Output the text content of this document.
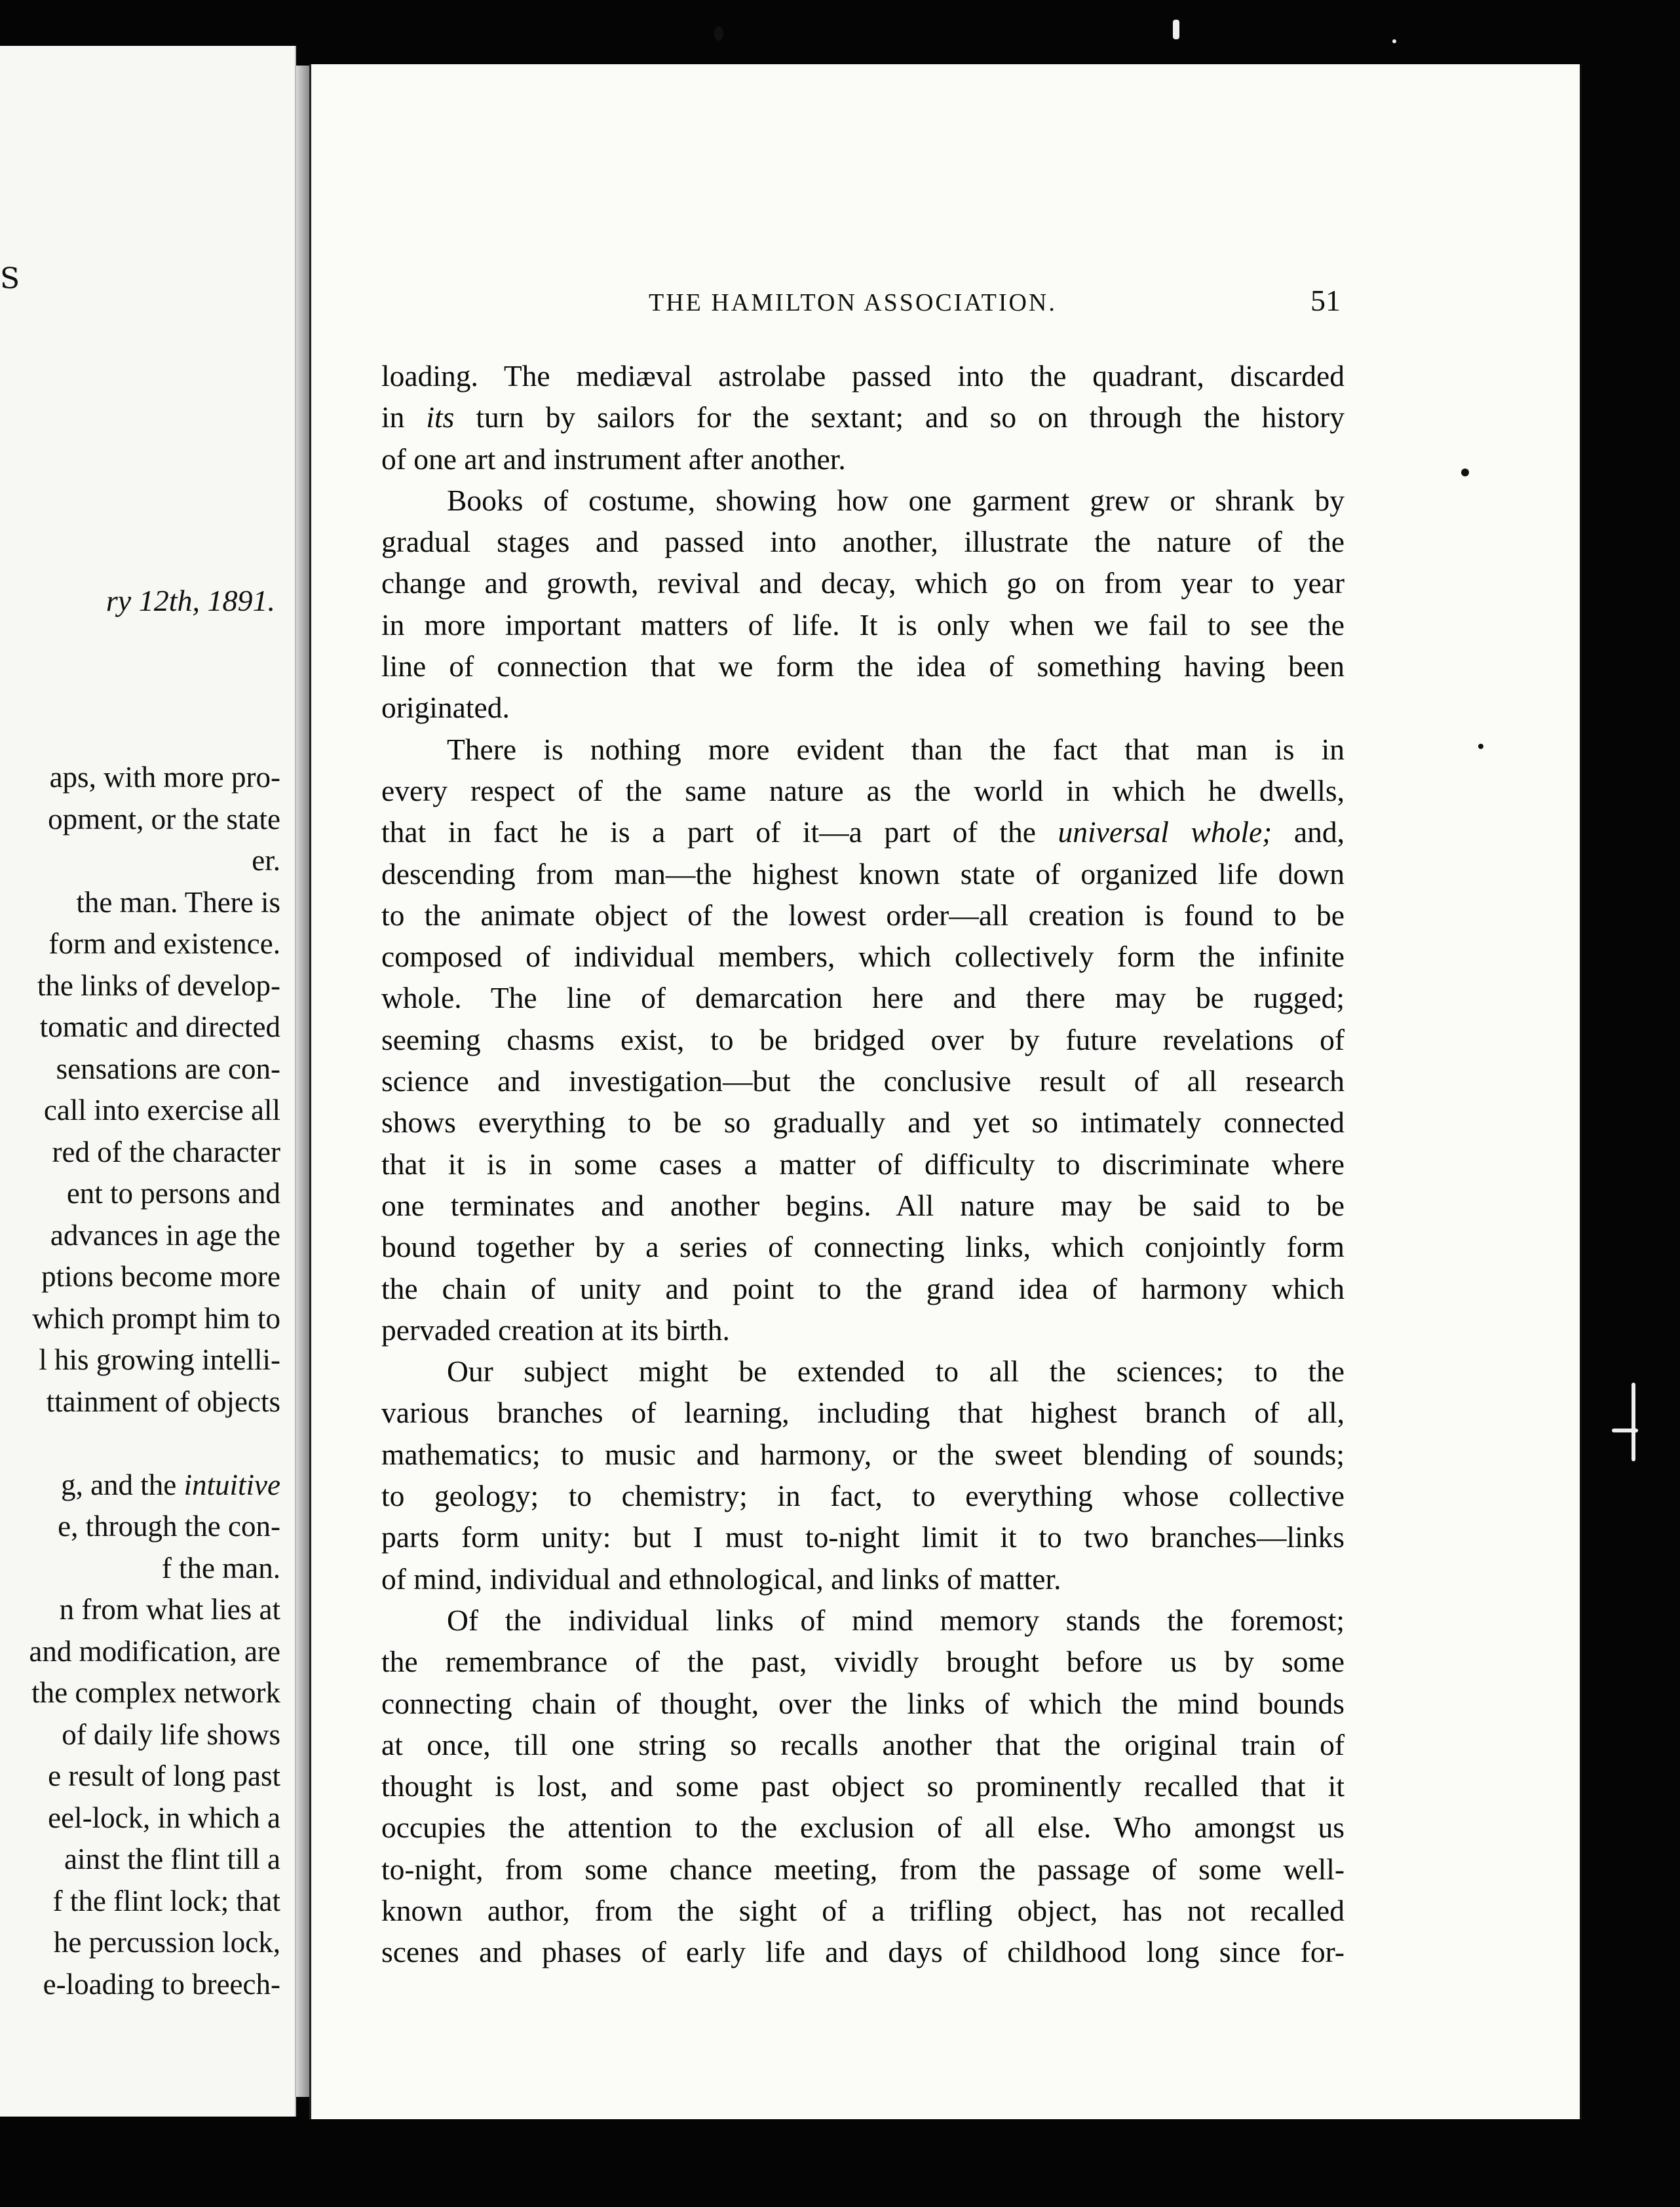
S
ry 12th, 1891.
aps, with more pro-
opment, or the state
er.
the man. There is
form and existence.
the links of develop-
tomatic and directed
sensations are con-
call into exercise all
red of the character
ent to persons and
advances in age the
ptions become more
which prompt him to
l his growing intelli-
ttainment of objects
g, and the intuitive
e, through the con-
f the man.
n from what lies at
and modification, are
the complex network
of daily life shows
e result of long past
eel-lock, in which a
ainst the flint till a
f the flint lock; that
he percussion lock,
e-loading to breech-
THE HAMILTON ASSOCIATION.	51
loading. The mediæval astrolabe passed into the quadrant, discarded
in its turn by sailors for the sextant; and so on through the history
of one art and instrument after another.
Books of costume, showing how one garment grew or shrank by
gradual stages and passed into another, illustrate the nature of the
change and growth, revival and decay, which go on from year to year
in more important matters of life. It is only when we fail to see the
line of connection that we form the idea of something having been
originated.
There is nothing more evident than the fact that man is in
every respect of the same nature as the world in which he dwells,
that in fact he is a part of it—a part of the universal whole; and,
descending from man—the highest known state of organized life down
to the animate object of the lowest order—all creation is found to be
composed of individual members, which collectively form the infinite
whole. The line of demarcation here and there may be rugged;
seeming chasms exist, to be bridged over by future revelations of
science and investigation—but the conclusive result of all research
shows everything to be so gradually and yet so intimately connected
that it is in some cases a matter of difficulty to discriminate where
one terminates and another begins. All nature may be said to be
bound together by a series of connecting links, which conjointly form
the chain of unity and point to the grand idea of harmony which
pervaded creation at its birth.
Our subject might be extended to all the sciences; to the
various branches of learning, including that highest branch of all,
mathematics; to music and harmony, or the sweet blending of sounds;
to geology; to chemistry; in fact, to everything whose collective
parts form unity: but I must to-night limit it to two branches—links
of mind, individual and ethnological, and links of matter.
Of the individual links of mind memory stands the foremost;
the remembrance of the past, vividly brought before us by some
connecting chain of thought, over the links of which the mind bounds
at once, till one string so recalls another that the original train of
thought is lost, and some past object so prominently recalled that it
occupies the attention to the exclusion of all else. Who amongst us
to-night, from some chance meeting, from the passage of some well-
known author, from the sight of a trifling object, has not recalled
scenes and phases of early life and days of childhood long since for-
